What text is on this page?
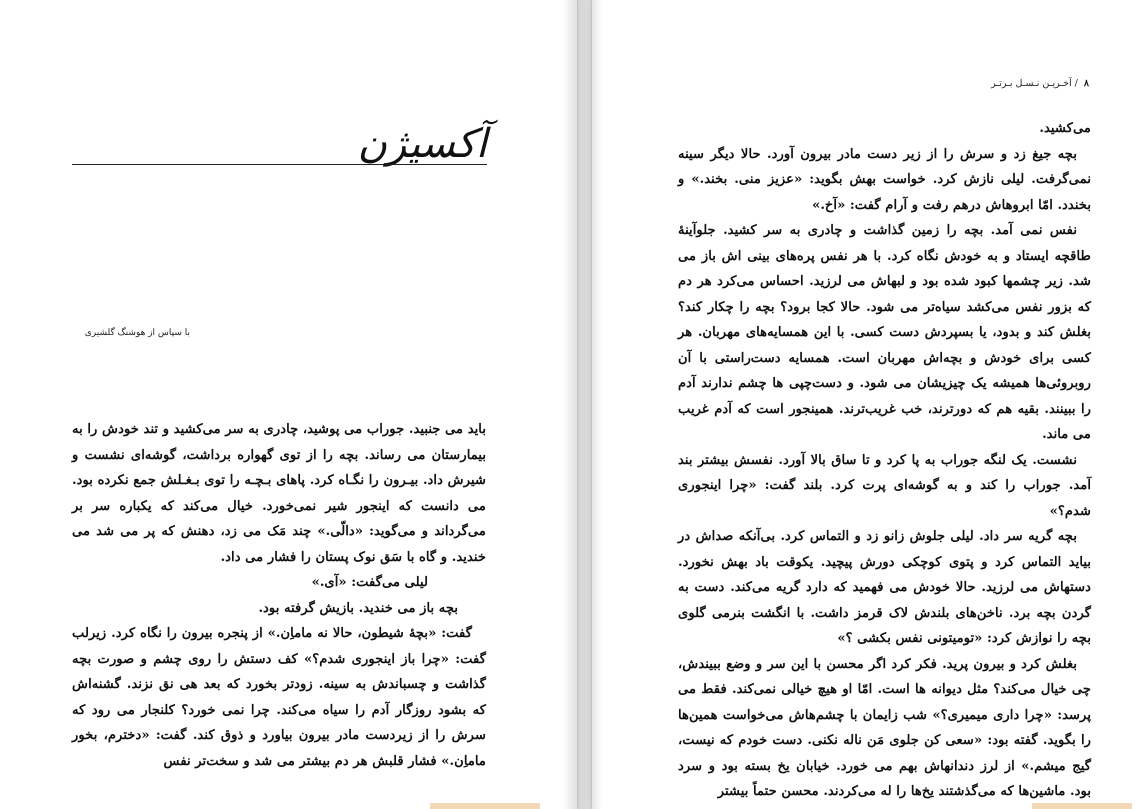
آکسیژن
با سپاس از هوشنگ گلشیری

باید می جنبید. جوراب می پوشید، چادری به سر می‌کشید و تند خودش را به بیمارستان می رساند. بچه را از توی گهواره برداشت، گوشه‌ای نشست و شیرش داد. بیـرون را نگـاه کرد. پاهای بـچـه را توی بـغـلش جمع نکرده بود. می دانست که اینجور شیر نمی‌خورد. خیال می‌کند که یکباره سر بر می‌گرداند و می‌گوید: «دالّی.» چند مَک می زد، دهنش که پر می شد می خندید. و گاه با سَق نوک پستان را فشار می داد.

لیلی می‌گفت: «آی.»

بچه باز می خندید. بازیش گرفته بود.

گفت: «بچهٔ شیطون، حالا نه ماماِن.» از پنجره بیرون را نگاه کرد. زیرلب گفت: «چرا باز اینجوری شدم؟» کف دستش را روی چشم و صورت بچه گذاشت و چسباندش به سینه. زودتر بخورد که بعد هی نق نزند. گشنه‌اش که بشود روزگار آدم را سیاه می‌کند. چرا نمی خورد؟ کلنجار می رود که سرش را از زیردست مادر بیرون بیاورد و ذوق کند. گفت: «دخترم، بخور ماماِن.» فشار قلبش هر دم بیشتر می شد و سخت‌تر نفس

۸ / آخـریـن نـسـل بـرتـر

می‌کشید.

بچه جیغ زد و سرش را از زیر دست مادر بیرون آورد. حالا دیگر سینه نمی‌گرفت. لیلی نازش کرد. خواست بهش بگوید: «عزیز منی. بخند.» و بخندد. امّا ابروهاش درهم رفت و آرام گفت: «آخ.»

نفس نمی آمد. بچه را زمین گذاشت و چادری به سر کشید. جلوآینهٔ طاقچه ایستاد و به خودش نگاه کرد. با هر نفس پره‌های بینی اش باز می شد. زیر چشمها کبود شده بود و لبهاش می لرزید. احساس می‌کرد هر دم که بزور نفس می‌کشد سیاه‌تر می شود. حالا کجا برود؟ بچه را چکار کند؟ بغلش کند و بدود، یا بسپردش دست کسی. با این همسایه‌های مهربان. هر کسی برای خودش و بچه‌اش مهربان است. همسایه دست‌راستی با آن روبروئی‌ها همیشه یک چیزیشان می شود. و دست‌چپی ها چشم ندارند آدم را ببینند. بقیه هم که دورترند، خب غریب‌ترند. همینجور است که آدم غریب می ماند.

نشست. یک لنگه جوراب به پا کرد و تا ساق بالا آورد. نفسش بیشتر بند آمد. جوراب را کند و به گوشه‌ای پرت کرد. بلند گفت: «چرا اینجوری شدم؟»

بچه گریه سر داد. لیلی جلوش زانو زد و التماس کرد. بی‌آنکه صداش در بیاید التماس کرد و پتوی کوچکی دورش پیچید. یکوقت باد بهش نخورد. دستهاش می لرزید. حالا خودش می فهمید که دارد گریه می‌کند. دست به گردن بچه برد. ناخن‌های بلندش لاک قرمز داشت. با انگشت بنرمی گلوی بچه را نوازش کرد: «تومیتونی نفس بکشی ؟»

بغلش کرد و بیرون پرید. فکر کرد اگر محسن با این سر و وضع ببیندش، چی خیال می‌کند؟ مثل دیوانه ها است. امّا او هیچ خیالی نمی‌کند. فقط می پرسد: «چرا داری میمیری؟» شب زایمان با چشم‌هاش می‌خواست همین‌ها را بگوید. گفته بود: «سعی کن جلوی مَن ناله نکنی. دست خودم که نیست، گیج میشم.» از لرز دندانهاش بهم می خورد. خیابان یخ بسته بود و سرد بود. ماشین‌ها که می‌گذشتند یخ‌ها را له می‌کردند. محسن حتماً بیشتر
